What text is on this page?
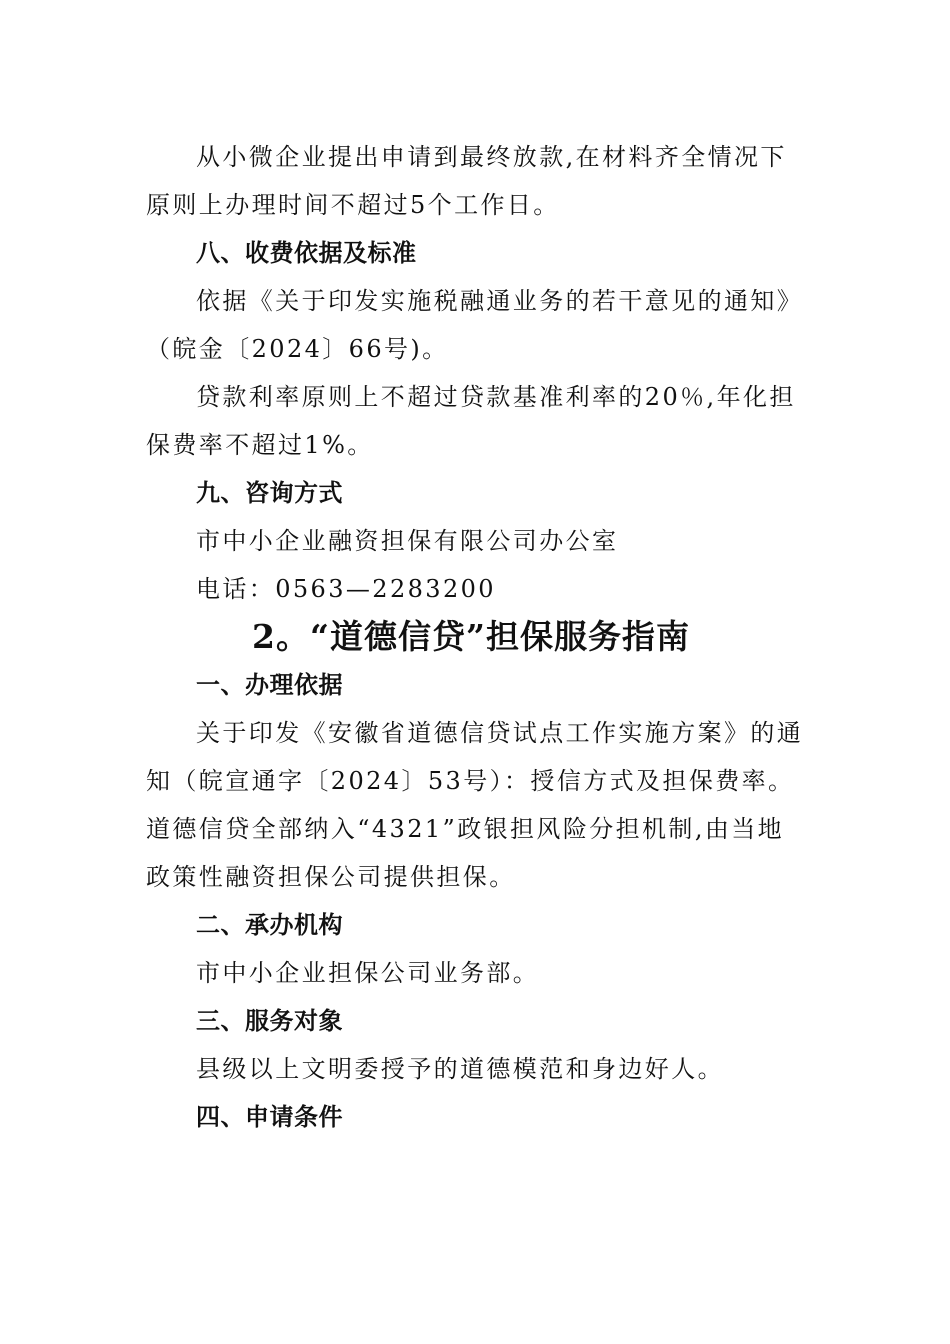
从小微企业提出申请到最终放款,在材料齐全情况下原则上办理时间不超过5个工作日。

八、收费依据及标准

依据《关于印发实施税融通业务的若干意见的通知》（皖金〔2024〕66号)。

贷款利率原则上不超过贷款基准利率的20％,年化担保费率不超过1%。

九、咨询方式

市中小企业融资担保有限公司办公室

电话：0563—2283200

2。“道德信贷”担保服务指南

一、办理依据

关于印发《安徽省道德信贷试点工作实施方案》的通知（皖宣通字〔2024〕53号）：授信方式及担保费率。道德信贷全部纳入“4321”政银担风险分担机制,由当地政策性融资担保公司提供担保。

二、承办机构

市中小企业担保公司业务部。

三、服务对象

县级以上文明委授予的道德模范和身边好人。

四、申请条件
